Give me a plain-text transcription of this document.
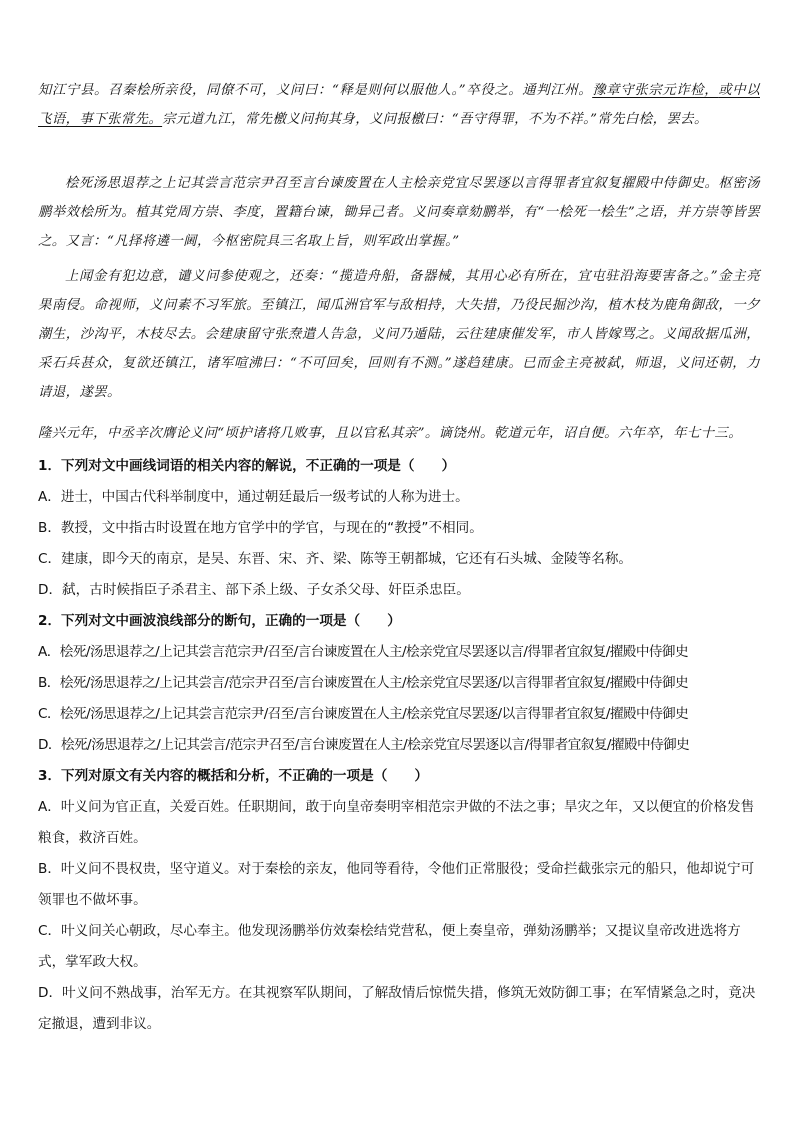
知江宁县。召秦桧所亲役，同僚不可，义问曰：“释是则何以服他人。”卒役之。通判江州。豫章守张宗元诈检，或中以飞语，事下张常先。宗元道九江，常先檄义问拘其身，义问报檄曰：“吾守得罪，不为不祥。”常先白桧，罢去。
桧死汤思退荐之上记其尝言范宗尹召至言台谏废置在人主桧亲党宜尽罢逐以言得罪者宜叙复擢殿中侍御史。枢密汤鹏举效桧所为。植其党周方崇、李度，置籍台谏，锄异己者。义问奏章劾鹏举，有“一桧死一桧生”之语，并方崇等皆罢之。又言：“凡择将遴一阃，今枢密院具三名取上旨，则军政出掌握。”
上闻金有犯边意，谴义问参使观之，还奏：“揽造舟船，备器械，其用心必有所在，宜屯驻沿海要害备之。”金主亮果南侵。命视师，义问素不习军旅。至镇江，闻瓜洲官军与敌相持，大失措，乃役民掘沙沟，植木枝为鹿角御敌，一夕潮生，沙沟平，木枝尽去。会建康留守张焘遣人告急，义问乃遁陆，云往建康催发军，市人皆嫁骂之。义闻敌据瓜洲，采石兵甚众，复欲还镇江，诸军喧沸曰：“不可回矣，回则有不测。”遂趋建康。已而金主亮被弑，师退，义问还朝，力请退，遂罢。
隆兴元年，中丞辛次膺论义问“顷护诸将几败事，且以官私其亲”。谪饶州。乾道元年，诏自便。六年卒，年七十三。
1．下列对文中画线词语的相关内容的解说，不正确的一项是（　　）
A．进士，中国古代科举制度中，通过朝廷最后一级考试的人称为进士。
B．教授，文中指古时设置在地方官学中的学官，与现在的“教授”不相同。
C．建康，即今天的南京，是吴、东晋、宋、齐、梁、陈等王朝都城，它还有石头城、金陵等名称。
D．弑，古时候指臣子杀君主、部下杀上级、子女杀父母、奸臣杀忠臣。
2．下列对文中画波浪线部分的断句，正确的一项是（　　）
A．桧死/汤思退荐之/上记其尝言范宗尹/召至/言台谏废置在人主/桧亲党宜尽罢逐以言/得罪者宜叙复/擢殿中侍御史
B．桧死/汤思退荐之/上记其尝言/范宗尹召至/言台谏废置在人主/桧亲党宜尽罢逐/以言得罪者宜叙复/擢殿中侍御史
C．桧死/汤思退荐之/上记其尝言范宗尹/召至/言台谏废置在人主/桧亲党宜尽罢逐/以言得罪者宜叙复/擢殿中侍御史
D．桧死/汤思退荐之/上记其尝言/范宗尹召至/言台谏废置在人主/桧亲党宜尽罢逐以言/得罪者宜叙复/擢殿中侍御史
3．下列对原文有关内容的概括和分析，不正确的一项是（　　）
A．叶义问为官正直，关爱百姓。任职期间，敢于向皇帝奏明宰相范宗尹做的不法之事；旱灾之年，又以便宜的价格发售粮食，救济百姓。
B．叶义问不畏权贵，坚守道义。对于秦桧的亲友，他同等看待，令他们正常服役；受命拦截张宗元的船只，他却说宁可领罪也不做坏事。
C．叶义问关心朝政，尽心奉主。他发现汤鹏举仿效秦桧结党营私，便上奏皇帝，弹劾汤鹏举；又提议皇帝改进选将方式，掌军政大权。
D．叶义问不熟战事，治军无方。在其视察军队期间，了解敌情后惊慌失措，修筑无效防御工事；在军情紧急之时，竟决定撤退，遭到非议。
